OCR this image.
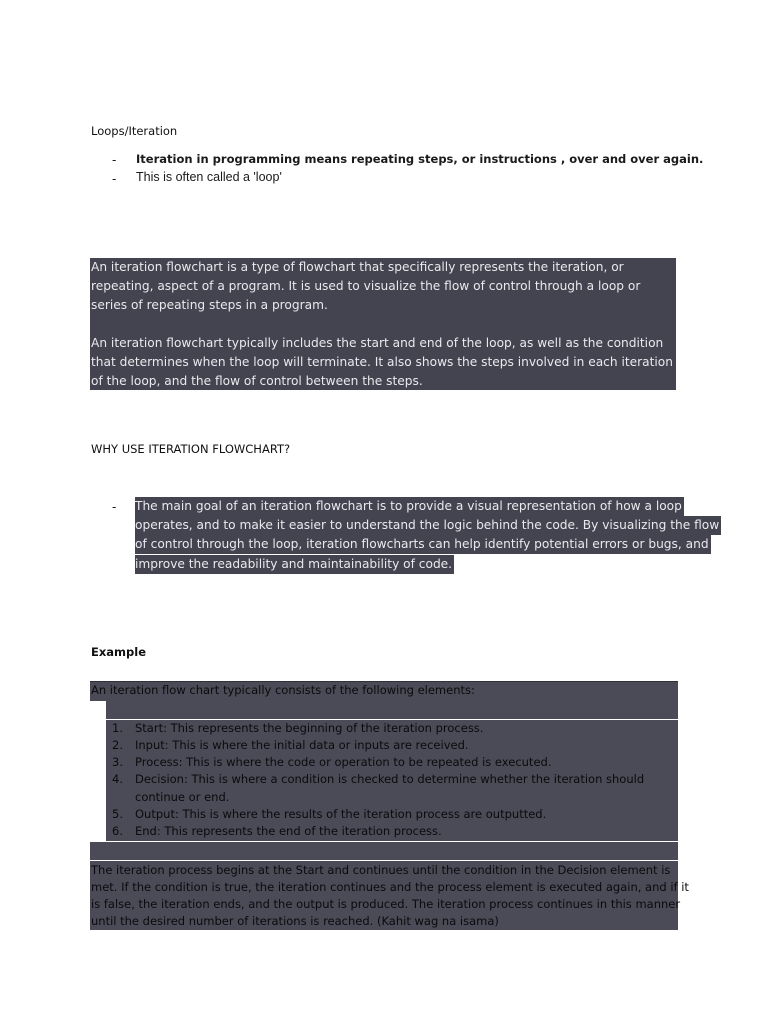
Loops/Iteration
- Iteration in programming means repeating steps, or instructions , over and over again.
- This is often called a 'loop'

An iteration flowchart is a type of flowchart that specifically represents the iteration, or repeating, aspect of a program. It is used to visualize the flow of control through a loop or series of repeating steps in a program.

An iteration flowchart typically includes the start and end of the loop, as well as the condition that determines when the loop will terminate. It also shows the steps involved in each iteration of the loop, and the flow of control between the steps.

WHY USE ITERATION FLOWCHART?
- The main goal of an iteration flowchart is to provide a visual representation of how a loop
operates, and to make it easier to understand the logic behind the code. By visualizing the flow
of control through the loop, iteration flowcharts can help identify potential errors or bugs, and
improve the readability and maintainability of code.
Example
An iteration flow chart typically consists of the following elements:
1. Start: This represents the beginning of the iteration process.
2. Input: This is where the initial data or inputs are received.
3. Process: This is where the code or operation to be repeated is executed.
4. Decision: This is where a condition is checked to determine whether the iteration should
continue or end.
5. Output: This is where the results of the iteration process are outputted.
6. End: This represents the end of the iteration process.
The iteration process begins at the Start and continues until the condition in the Decision element is
met. If the condition is true, the iteration continues and the process element is executed again, and if it
is false, the iteration ends, and the output is produced. The iteration process continues in this manner
until the desired number of iterations is reached. (Kahit wag na isama)
